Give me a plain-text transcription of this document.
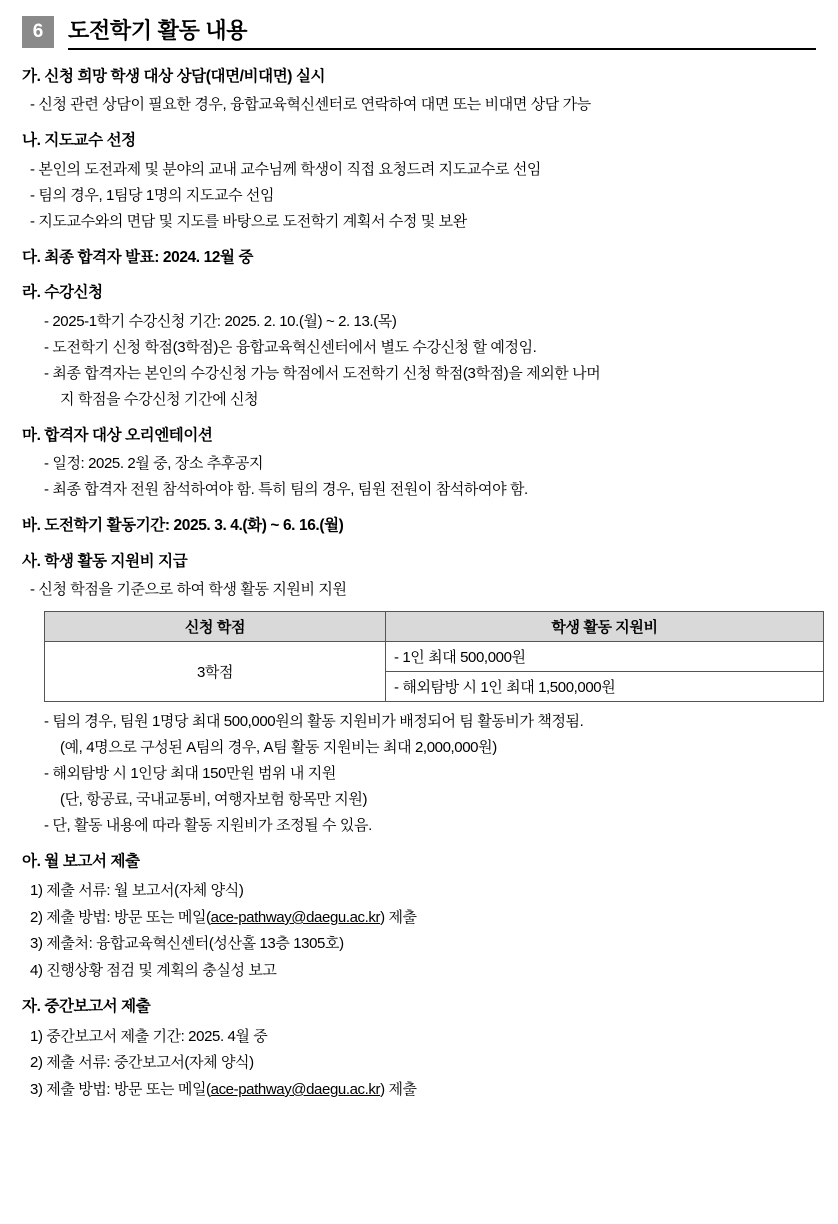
6	도전학기 활동 내용
가. 신청 희망 학생 대상 상담(대면/비대면) 실시
- 신청 관련 상담이 필요한 경우, 융합교육혁신센터로 연락하여 대면 또는 비대면 상담 가능
나. 지도교수 선정
- 본인의 도전과제 및 분야의 교내 교수님께 학생이 직접 요청드려 지도교수로 선임
- 팀의 경우, 1팀당 1명의 지도교수 선임
- 지도교수와의 면담 및 지도를 바탕으로 도전학기 계획서 수정 및 보완
다. 최종 합격자 발표: 2024. 12월 중
라. 수강신청
- 2025-1학기 수강신청 기간: 2025. 2. 10.(월) ~ 2. 13.(목)
- 도전학기 신청 학점(3학점)은 융합교육혁신센터에서 별도 수강신청 할 예정임.
- 최종 합격자는 본인의 수강신청 가능 학점에서 도전학기 신청 학점(3학점)을 제외한 나머
지 학점을 수강신청 기간에 신청
마. 합격자 대상 오리엔테이션
- 일정: 2025. 2월 중, 장소 추후공지
- 최종 합격자 전원 참석하여야 함. 특히 팀의 경우, 팀원 전원이 참석하여야 함.
바. 도전학기 활동기간: 2025. 3. 4.(화) ~ 6. 16.(월)
사. 학생 활동 지원비 지급
- 신청 학점을 기준으로 하여 학생 활동 지원비 지원
신청 학점	학생 활동 지원비
3학점	- 1인 최대 500,000원
	- 해외탐방 시 1인 최대 1,500,000원
- 팀의 경우, 팀원 1명당 최대 500,000원의 활동 지원비가 배정되어 팀 활동비가 책정됨.
(예, 4명으로 구성된 A팀의 경우, A팀 활동 지원비는 최대 2,000,000원)
- 해외탐방 시 1인당 최대 150만원 범위 내 지원
(단, 항공료, 국내교통비, 여행자보험 항목만 지원)
- 단, 활동 내용에 따라 활동 지원비가 조정될 수 있음.
아. 월 보고서 제출
1) 제출 서류: 월 보고서(자체 양식)
2) 제출 방법: 방문 또는 메일(ace-pathway@daegu.ac.kr) 제출
3) 제출처: 융합교육혁신센터(성산홀 13층 1305호)
4) 진행상황 점검 및 계획의 충실성 보고
자. 중간보고서 제출
1) 중간보고서 제출 기간: 2025. 4월 중
2) 제출 서류: 중간보고서(자체 양식)
3) 제출 방법: 방문 또는 메일(ace-pathway@daegu.ac.kr) 제출
